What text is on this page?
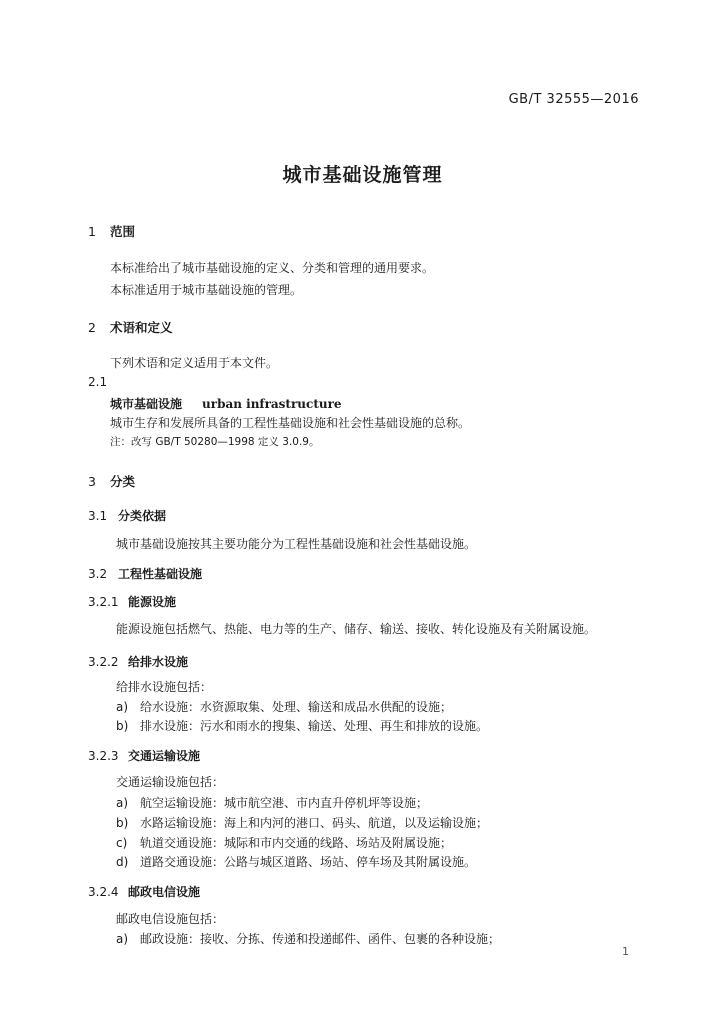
GB/T 32555—2016
城市基础设施管理
1 范围
本标准给出了城市基础设施的定义、分类和管理的通用要求。
本标准适用于城市基础设施的管理。
2 术语和定义
下列术语和定义适用于本文件。
2.1
城市基础设施 urban infrastructure
城市生存和发展所具备的工程性基础设施和社会性基础设施的总称。
注：改写 GB/T 50280—1998 定义 3.0.9。
3 分类
3.1 分类依据
城市基础设施按其主要功能分为工程性基础设施和社会性基础设施。
3.2 工程性基础设施
3.2.1 能源设施
能源设施包括燃气、热能、电力等的生产、储存、输送、接收、转化设施及有关附属设施。
3.2.2 给排水设施
给排水设施包括：
a) 给水设施：水资源取集、处理、输送和成品水供配的设施；
b) 排水设施：污水和雨水的搜集、输送、处理、再生和排放的设施。
3.2.3 交通运输设施
交通运输设施包括：
a) 航空运输设施：城市航空港、市内直升停机坪等设施；
b) 水路运输设施：海上和内河的港口、码头、航道，以及运输设施；
c) 轨道交通设施：城际和市内交通的线路、场站及附属设施；
d) 道路交通设施：公路与城区道路、场站、停车场及其附属设施。
3.2.4 邮政电信设施
邮政电信设施包括：
a) 邮政设施：接收、分拣、传递和投递邮件、函件、包裹的各种设施；
1
